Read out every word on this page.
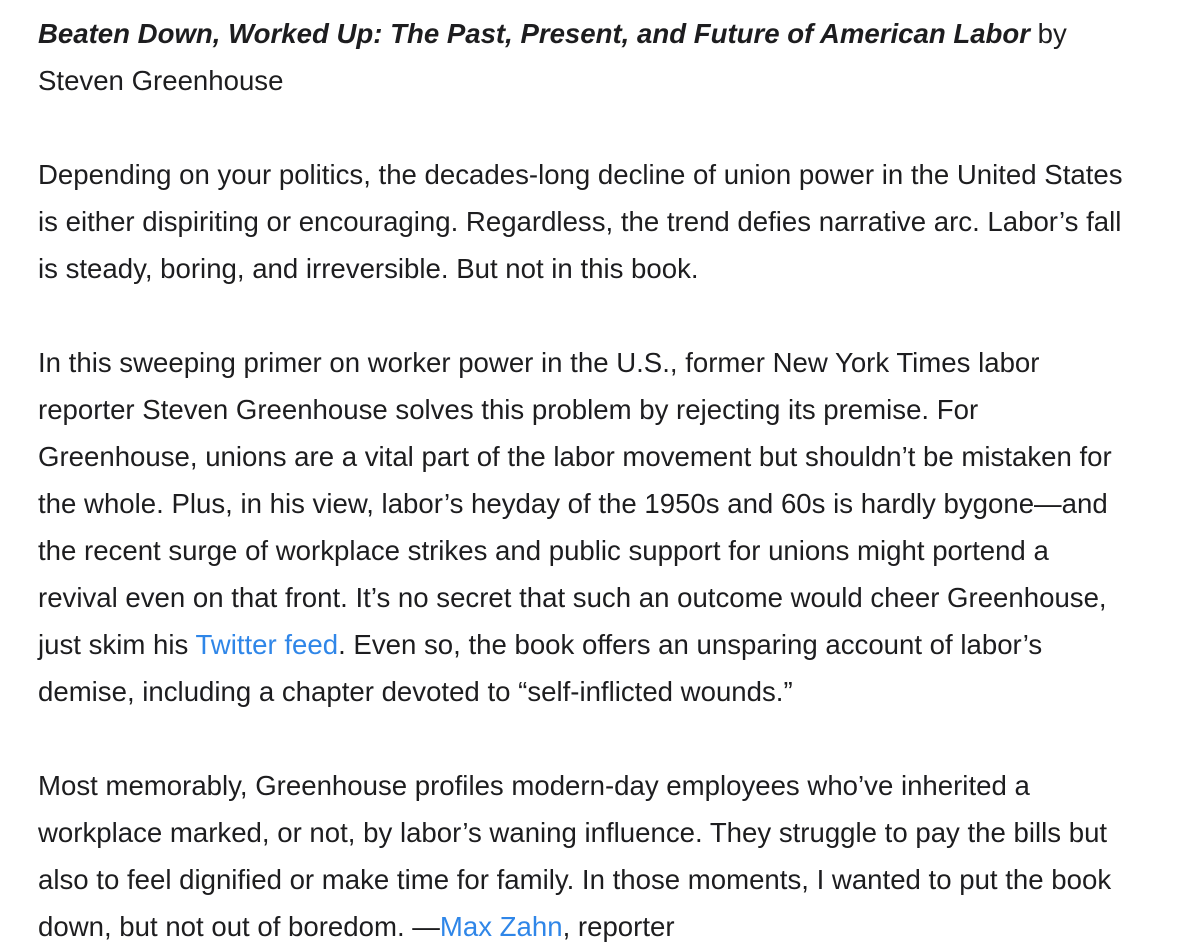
Beaten Down, Worked Up: The Past, Present, and Future of American Labor by
Steven Greenhouse
Depending on your politics, the decades-long decline of union power in the United States
is either dispiriting or encouraging. Regardless, the trend defies narrative arc. Labor’s fall
is steady, boring, and irreversible. But not in this book.
In this sweeping primer on worker power in the U.S., former New York Times labor
reporter Steven Greenhouse solves this problem by rejecting its premise. For
Greenhouse, unions are a vital part of the labor movement but shouldn’t be mistaken for
the whole. Plus, in his view, labor’s heyday of the 1950s and 60s is hardly bygone—and
the recent surge of workplace strikes and public support for unions might portend a
revival even on that front. It’s no secret that such an outcome would cheer Greenhouse,
just skim his Twitter feed. Even so, the book offers an unsparing account of labor’s
demise, including a chapter devoted to “self-inflicted wounds.”
Most memorably, Greenhouse profiles modern-day employees who’ve inherited a
workplace marked, or not, by labor’s waning influence. They struggle to pay the bills but
also to feel dignified or make time for family. In those moments, I wanted to put the book
down, but not out of boredom. —Max Zahn, reporter
